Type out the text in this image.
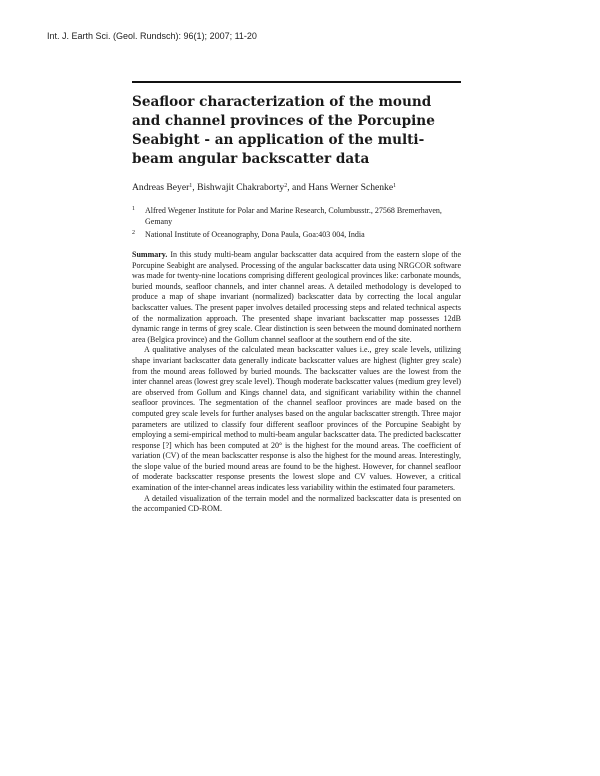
Int. J. Earth Sci. (Geol. Rundsch): 96(1); 2007; 11-20
Seafloor characterization of the mound and channel provinces of the Porcupine Seabight - an application of the multi-beam angular backscatter data
Andreas Beyer$^1$, Bishwajit Chakraborty$^2$, and Hans Werner Schenke$^1$
1	Alfred Wegener Institute for Polar and Marine Research, Columbusstr., 27568 Bremerhaven, Gemany
2	National Institute of Oceanography, Dona Paula, Goa:403 004, India

Summary. In this study multi-beam angular backscatter data acquired from the eastern slope of the Porcupine Seabight are analysed. Processing of the angular backscatter data using NRGCOR software was made for twenty-nine locations comprising different geological provinces like: carbonate mounds, buried mounds, seafloor channels, and inter channel areas. A detailed methodology is developed to produce a map of shape invariant (normalized) backscatter data by correcting the local angular backscatter values. The present paper involves detailed processing steps and related technical aspects of the normalization approach. The presented shape invariant backscatter map possesses 12dB dynamic range in terms of grey scale. Clear distinction is seen between the mound dominated northern area (Belgica province) and the Gollum channel seafloor at the southern end of the site.

A qualitative analyses of the calculated mean backscatter values i.e., grey scale levels, utilizing shape invariant backscatter data generally indicate backscatter values are highest (lighter grey scale) from the mound areas followed by buried mounds. The backscatter values are the lowest from the inter channel areas (lowest grey scale level). Though moderate backscatter values (medium grey level) are observed from Gollum and Kings channel data, and significant variability within the channel seafloor provinces. The segmentation of the channel seafloor provinces are made based on the computed grey scale levels for further analyses based on the angular backscatter strength. Three major parameters are utilized to classify four different seafloor provinces of the Porcupine Seabight by employing a semi-empirical method to multi-beam angular backscatter data. The predicted backscatter response [?] which has been computed at 20° is the highest for the mound areas. The coefficient of variation (CV) of the mean backscatter response is also the highest for the mound areas. Interestingly, the slope value of the buried mound areas are found to be the highest. However, for channel seafloor of moderate backscatter response presents the lowest slope and CV values. However, a critical examination of the inter-channel areas indicates less variability within the estimated four parameters.

A detailed visualization of the terrain model and the normalized backscatter data is presented on the accompanied CD-ROM.
